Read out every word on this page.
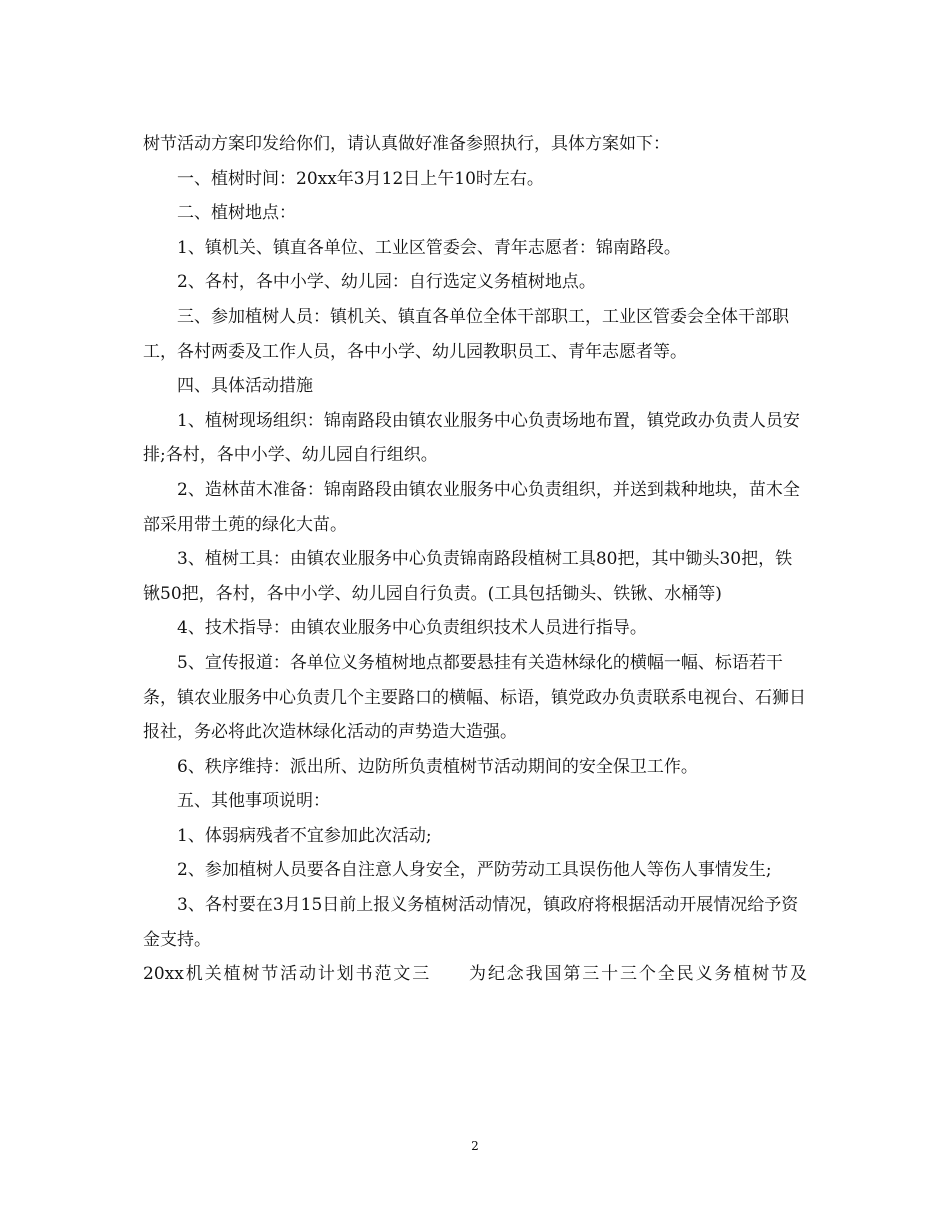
树节活动方案印发给你们，请认真做好准备参照执行，具体方案如下：

一、植树时间：20xx年3月12日上午10时左右。

二、植树地点：

1、镇机关、镇直各单位、工业区管委会、青年志愿者：锦南路段。

2、各村，各中小学、幼儿园：自行选定义务植树地点。

三、参加植树人员：镇机关、镇直各单位全体干部职工，工业区管委会全体干部职工，各村两委及工作人员，各中小学、幼儿园教职员工、青年志愿者等。

四、具体活动措施

1、植树现场组织：锦南路段由镇农业服务中心负责场地布置，镇党政办负责人员安排;各村，各中小学、幼儿园自行组织。

2、造林苗木准备：锦南路段由镇农业服务中心负责组织，并送到栽种地块，苗木全部采用带土蔸的绿化大苗。

3、植树工具：由镇农业服务中心负责锦南路段植树工具80把，其中锄头30把，铁锹50把，各村，各中小学、幼儿园自行负责。(工具包括锄头、铁锹、水桶等)

4、技术指导：由镇农业服务中心负责组织技术人员进行指导。

5、宣传报道：各单位义务植树地点都要悬挂有关造林绿化的横幅一幅、标语若干条，镇农业服务中心负责几个主要路口的横幅、标语，镇党政办负责联系电视台、石狮日报社，务必将此次造林绿化活动的声势造大造强。

6、秩序维持：派出所、边防所负责植树节活动期间的安全保卫工作。

五、其他事项说明：

1、体弱病残者不宜参加此次活动;

2、参加植树人员要各自注意人身安全，严防劳动工具误伤他人等伤人事情发生;

3、各村要在3月15日前上报义务植树活动情况，镇政府将根据活动开展情况给予资金支持。

20xx机关植树节活动计划书范文三　　为纪念我国第三十三个全民义务植树节及

2
